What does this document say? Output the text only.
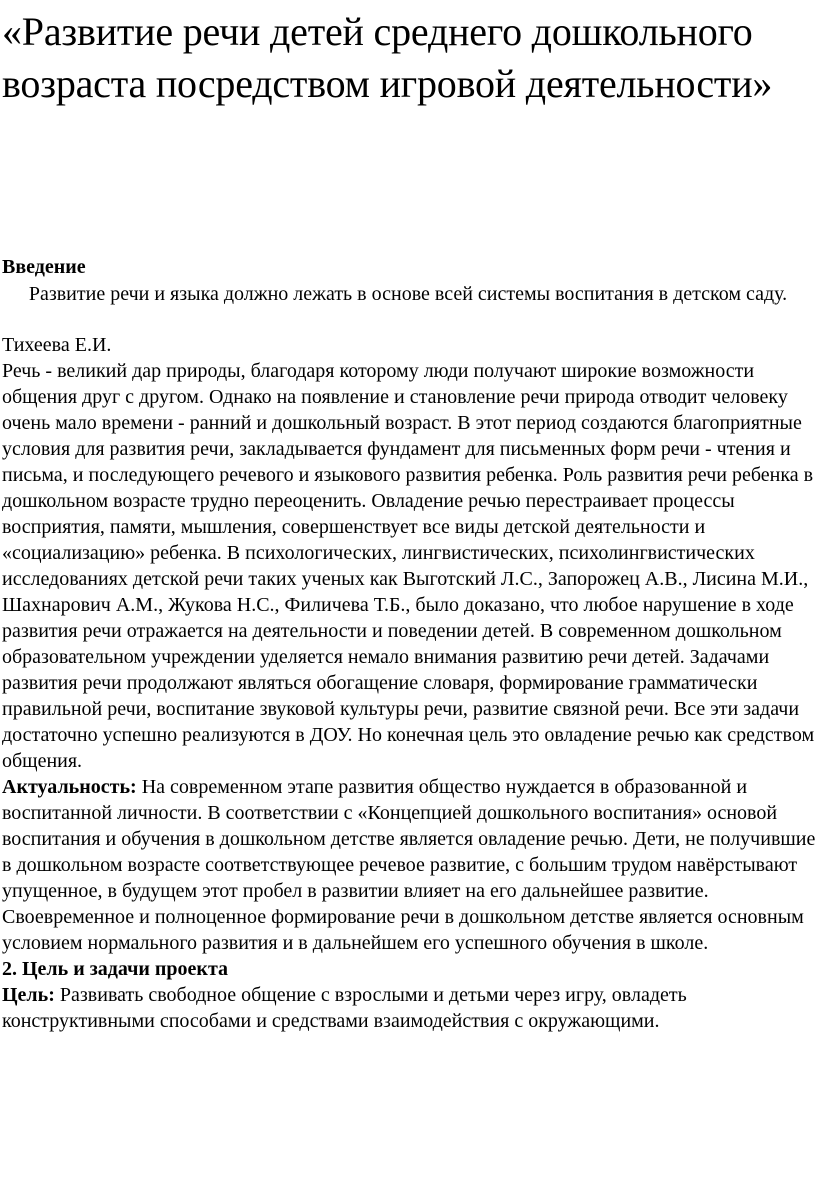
«Развитие речи детей среднего дошкольного возраста посредством игровой деятельности»
Введение

Развитие речи и языка должно лежать в основе всей системы воспитания в детском саду.

Тихеева Е.И.

Речь - великий дар природы, благодаря которому люди получают широкие возможности общения друг с другом. Однако на появление и становление речи природа отводит человеку очень мало времени - ранний и дошкольный возраст. В этот период создаются благоприятные условия для развития речи, закладывается фундамент для письменных форм речи - чтения и письма, и последующего речевого и языкового развития ребенка. Роль развития речи ребенка в дошкольном возрасте трудно переоценить. Овладение речью перестраивает процессы восприятия, памяти, мышления, совершенствует все виды детской деятельности и «социализацию» ребенка. В психологических, лингвистических, психолингвистических исследованиях детской речи таких ученых как Выготский Л.С., Запорожец А.В., Лисина М.И., Шахнарович А.М., Жукова Н.С., Филичева Т.Б., было доказано, что любое нарушение в ходе развития речи отражается на деятельности и поведении детей. В современном дошкольном образовательном учреждении уделяется немало внимания развитию речи детей. Задачами развития речи продолжают являться обогащение словаря, формирование грамматически правильной речи, воспитание звуковой культуры речи, развитие связной речи. Все эти задачи достаточно успешно реализуются в ДОУ. Но конечная цель это овладение речью как средством общения.

Актуальность: На современном этапе развития общество нуждается в образованной и воспитанной личности. В соответствии с «Концепцией дошкольного воспитания» основой воспитания и обучения в дошкольном детстве является овладение речью. Дети, не получившие в дошкольном возрасте соответствующее речевое развитие, с большим трудом навёрстывают упущенное, в будущем этот пробел в развитии влияет на его дальнейшее развитие. Своевременное и полноценное формирование речи в дошкольном детстве является основным условием нормального развития и в дальнейшем его успешного обучения в школе.

2. Цель и задачи проекта

Цель: Развивать свободное общение с взрослыми и детьми через игру, овладеть конструктивными способами и средствами взаимодействия с окружающими.
